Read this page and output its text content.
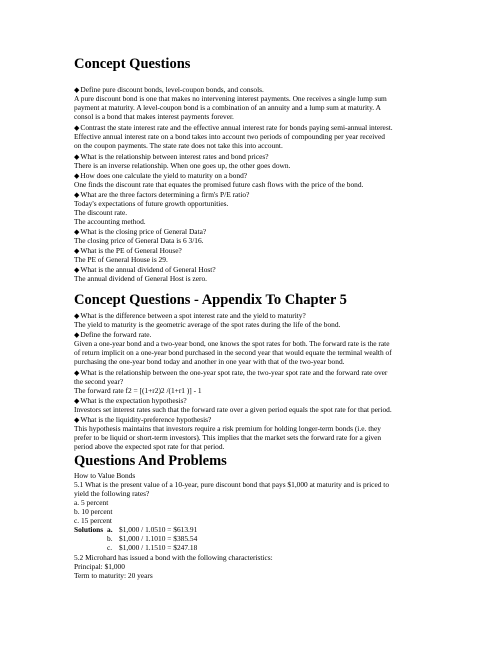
Concept Questions
◆Define pure discount bonds, level-coupon bonds, and consols.
A pure discount bond is one that makes no intervening interest payments. One receives a single lump sum
payment at maturity. A level-coupon bond is a combination of an annuity and a lump sum at maturity. A
consol is a bond that makes interest payments forever.
◆Contrast the state interest rate and the effective annual interest rate for bonds paying semi-annual interest.
Effective annual interest rate on a bond takes into account two periods of compounding per year received
on the coupon payments. The state rate does not take this into account.
◆What is the relationship between interest rates and bond prices?
There is an inverse relationship. When one goes up, the other goes down.
◆How does one calculate the yield to maturity on a bond?
One finds the discount rate that equates the promised future cash flows with the price of the bond.
◆What are the three factors determining a firm's P/E ratio?
Today's expectations of future growth opportunities.
The discount rate.
The accounting method.
◆What is the closing price of General Data?
The closing price of General Data is 6 3/16.
◆What is the PE of General House?
The PE of General House is 29.
◆What is the annual dividend of General Host?
The annual dividend of General Host is zero.
Concept Questions - Appendix To Chapter 5
◆What is the difference between a spot interest rate and the yield to maturity?
The yield to maturity is the geometric average of the spot rates during the life of the bond.
◆Define the forward rate.
Given a one-year bond and a two-year bond, one knows the spot rates for both. The forward rate is the rate
of return implicit on a one-year bond purchased in the second year that would equate the terminal wealth of
purchasing the one-year bond today and another in one year with that of the two-year bond.
◆What is the relationship between the one-year spot rate, the two-year spot rate and the forward rate over
the second year?
The forward rate f2 = [(1+r2)2 /(1+r1 )] - 1
◆What is the expectation hypothesis?
Investors set interest rates such that the forward rate over a given period equals the spot rate for that period.
◆What is the liquidity-preference hypothesis?
This hypothesis maintains that investors require a risk premium for holding longer-term bonds (i.e. they
prefer to be liquid or short-term investors). This implies that the market sets the forward rate for a given
period above the expected spot rate for that period.
Questions And Problems
How to Value Bonds
5.1 What is the present value of a 10-year, pure discount bond that pays $1,000 at maturity and is priced to
yield the following rates?
a. 5 percent
b. 10 percent
c. 15 percent
Solutions a. $1,000 / 1.0510 = $613.91
b. $1,000 / 1.1010 = $385.54
c. $1,000 / 1.1510 = $247.18
5.2 Microhard has issued a bond with the following characteristics:
Principal: $1,000
Term to maturity: 20 years
